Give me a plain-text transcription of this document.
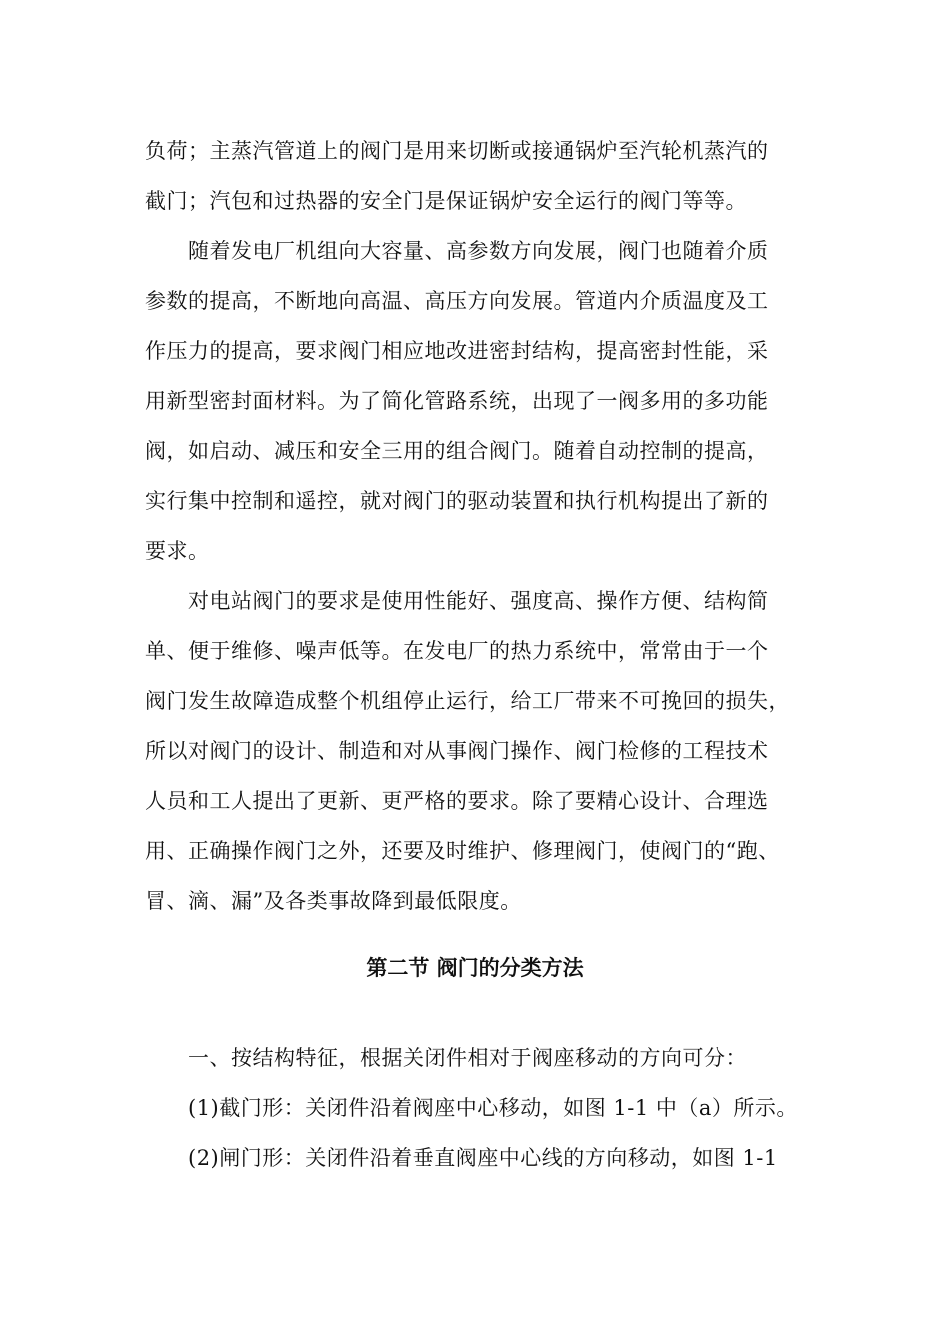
负荷；主蒸汽管道上的阀门是用来切断或接通锅炉至汽轮机蒸汽的
截门；汽包和过热器的安全门是保证锅炉安全运行的阀门等等。
随着发电厂机组向大容量、高参数方向发展，阀门也随着介质
参数的提高，不断地向高温、高压方向发展。管道内介质温度及工
作压力的提高，要求阀门相应地改进密封结构，提高密封性能，采
用新型密封面材料。为了简化管路系统，出现了一阀多用的多功能
阀，如启动、减压和安全三用的组合阀门。随着自动控制的提高，
实行集中控制和遥控，就对阀门的驱动装置和执行机构提出了新的
要求。
对电站阀门的要求是使用性能好、强度高、操作方便、结构简
单、便于维修、噪声低等。在发电厂的热力系统中，常常由于一个
阀门发生故障造成整个机组停止运行，给工厂带来不可挽回的损失，
所以对阀门的设计、制造和对从事阀门操作、阀门检修的工程技术
人员和工人提出了更新、更严格的要求。除了要精心设计、合理选
用、正确操作阀门之外，还要及时维护、修理阀门，使阀门的“跑、
冒、滴、漏”及各类事故降到最低限度。
第二节 阀门的分类方法
一、按结构特征，根据关闭件相对于阀座移动的方向可分：
(1)截门形：关闭件沿着阀座中心移动，如图 1-1 中（a）所示。
(2)闸门形：关闭件沿着垂直阀座中心线的方向移动，如图 1-1
